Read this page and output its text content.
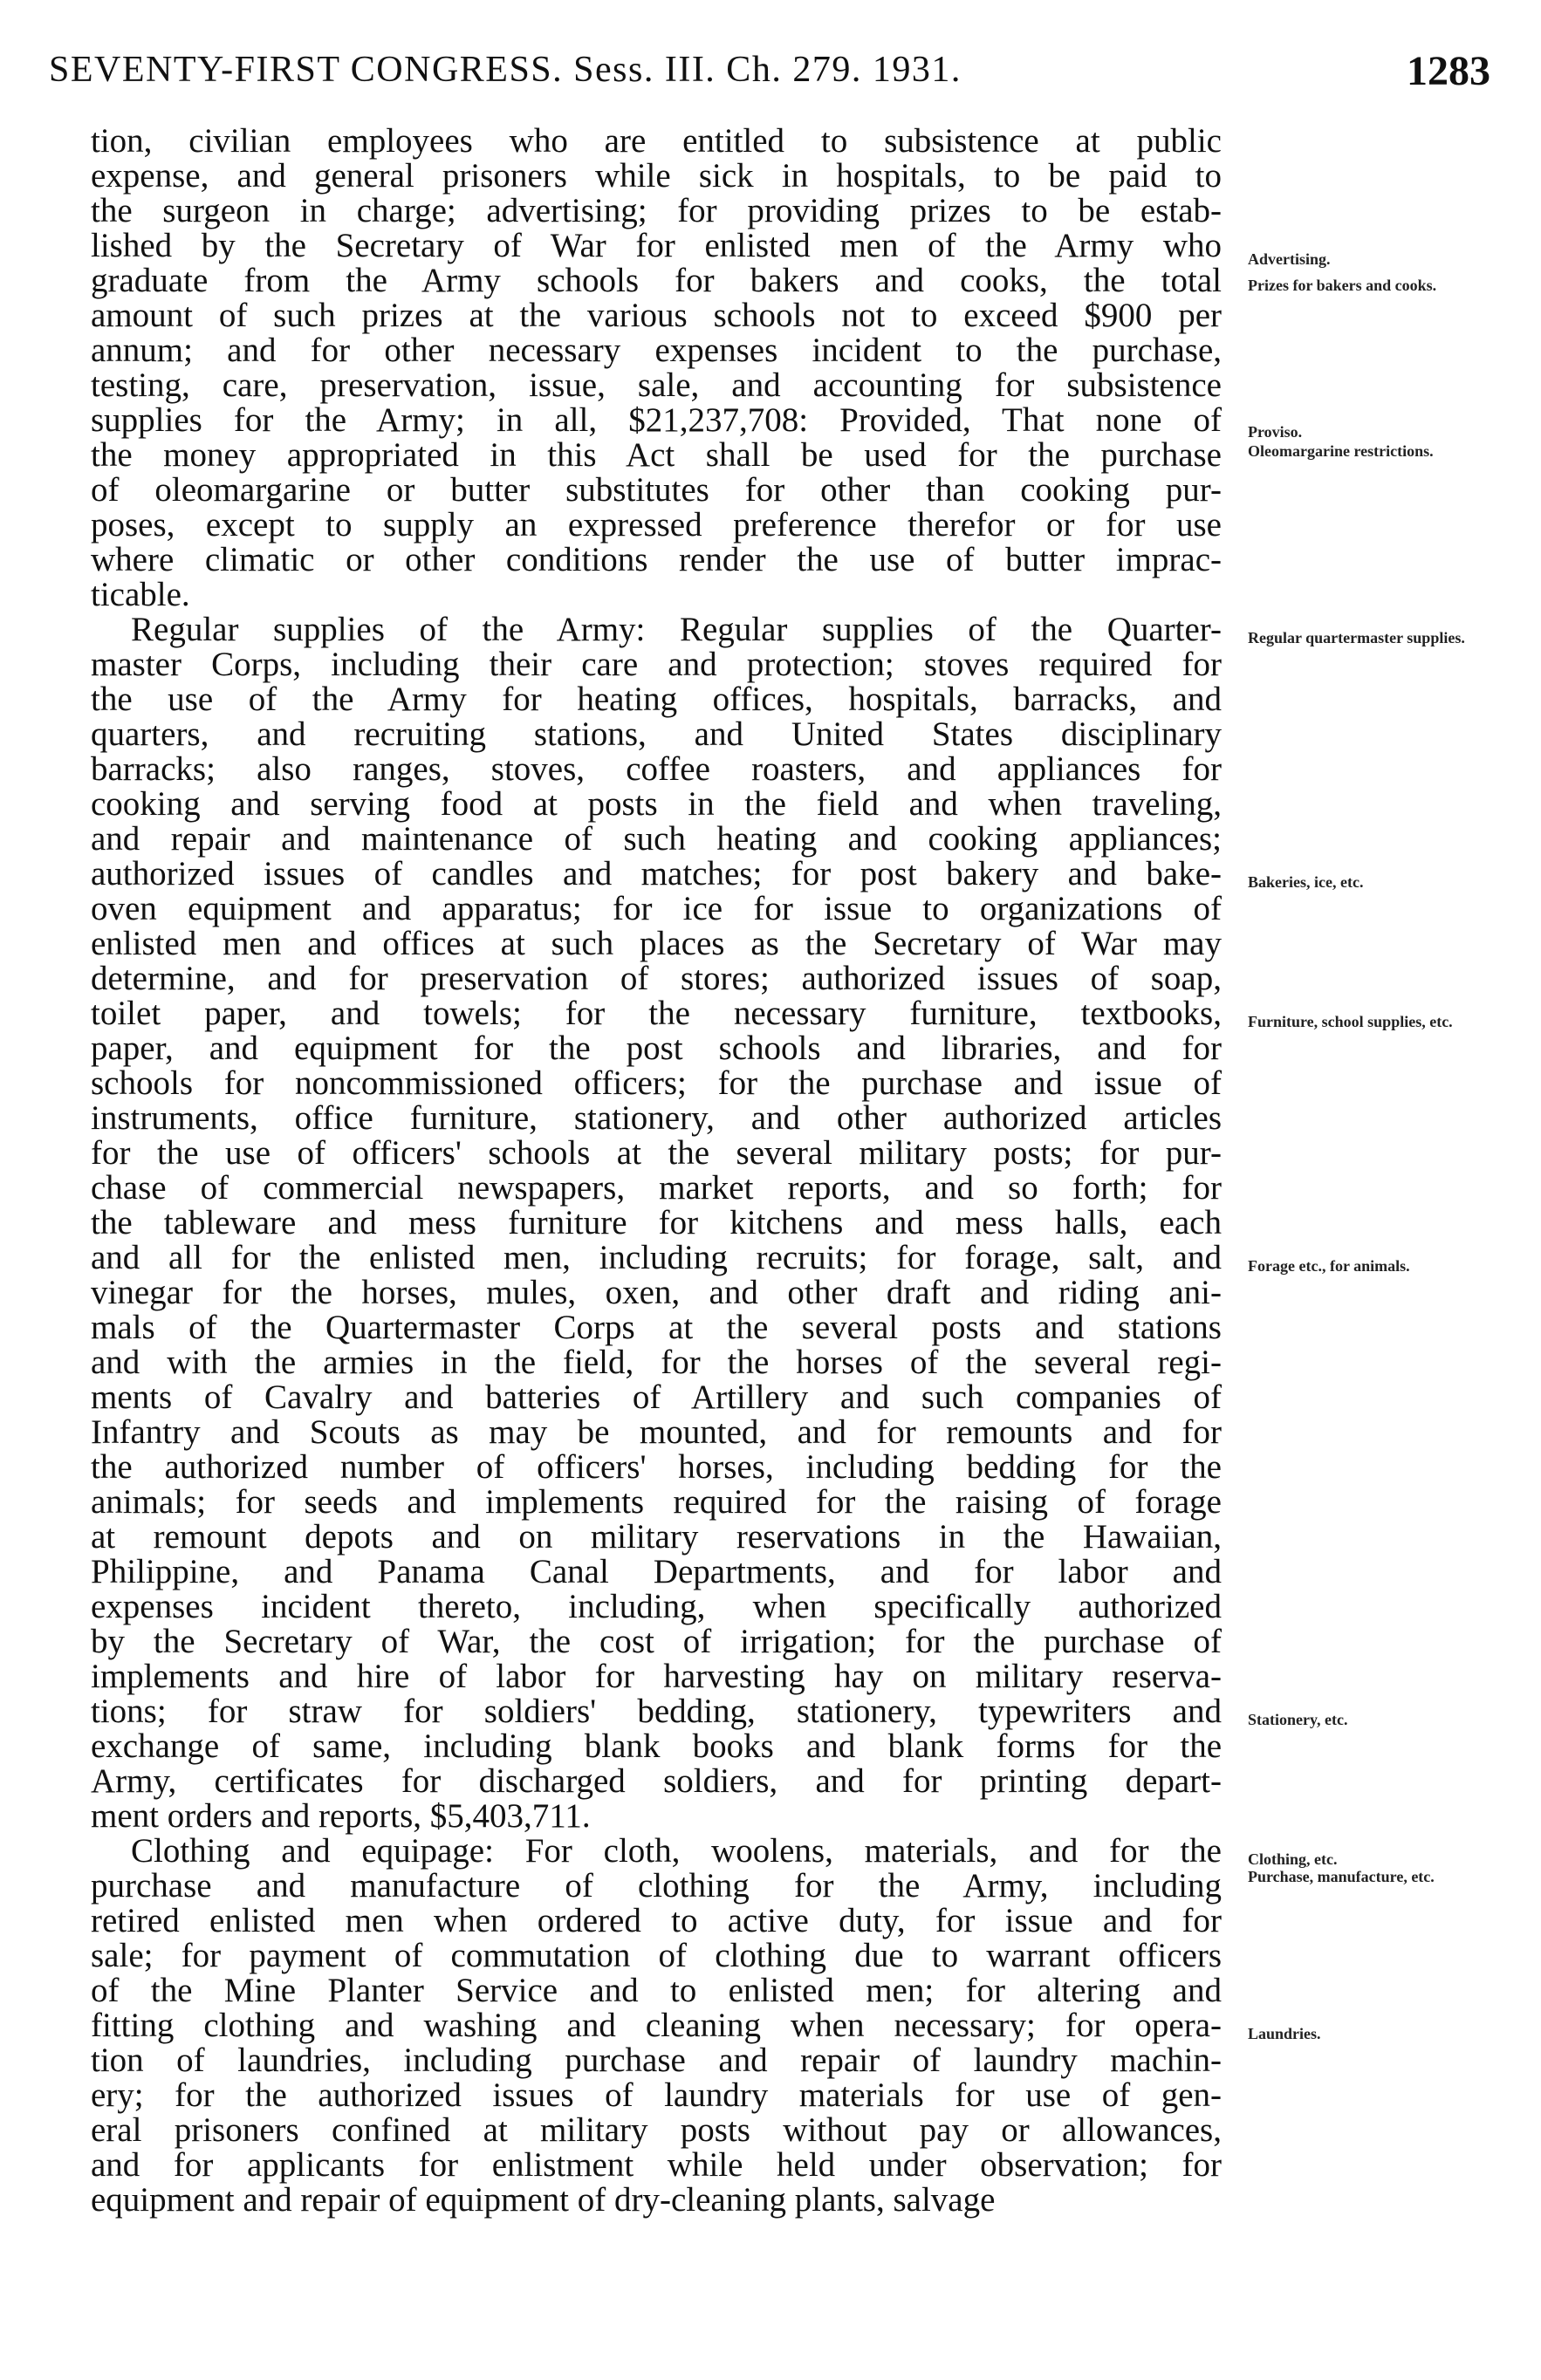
SEVENTY-FIRST CONGRESS. Sess. III. Ch. 279. 1931.	1283
tion, civilian employees who are entitled to subsistence at public
expense, and general prisoners while sick in hospitals, to be paid to
the surgeon in charge; advertising; for providing prizes to be estab-
lished by the Secretary of War for enlisted men of the Army who
graduate from the Army schools for bakers and cooks, the total
amount of such prizes at the various schools not to exceed $900 per
annum; and for other necessary expenses incident to the purchase,
testing, care, preservation, issue, sale, and accounting for subsistence
supplies for the Army; in all, $21,237,708: Provided, That none of
the money appropriated in this Act shall be used for the purchase
of oleomargarine or butter substitutes for other than cooking pur-
poses, except to supply an expressed preference therefor or for use
where climatic or other conditions render the use of butter imprac-
ticable.
Regular supplies of the Army: Regular supplies of the Quarter-
master Corps, including their care and protection; stoves required for
the use of the Army for heating offices, hospitals, barracks, and
quarters, and recruiting stations, and United States disciplinary
barracks; also ranges, stoves, coffee roasters, and appliances for
cooking and serving food at posts in the field and when traveling,
and repair and maintenance of such heating and cooking appliances;
authorized issues of candles and matches; for post bakery and bake-
oven equipment and apparatus; for ice for issue to organizations of
enlisted men and offices at such places as the Secretary of War may
determine, and for preservation of stores; authorized issues of soap,
toilet paper, and towels; for the necessary furniture, textbooks,
paper, and equipment for the post schools and libraries, and for
schools for noncommissioned officers; for the purchase and issue of
instruments, office furniture, stationery, and other authorized articles
for the use of officers' schools at the several military posts; for pur-
chase of commercial newspapers, market reports, and so forth; for
the tableware and mess furniture for kitchens and mess halls, each
and all for the enlisted men, including recruits; for forage, salt, and
vinegar for the horses, mules, oxen, and other draft and riding ani-
mals of the Quartermaster Corps at the several posts and stations
and with the armies in the field, for the horses of the several regi-
ments of Cavalry and batteries of Artillery and such companies of
Infantry and Scouts as may be mounted, and for remounts and for
the authorized number of officers' horses, including bedding for the
animals; for seeds and implements required for the raising of forage
at remount depots and on military reservations in the Hawaiian,
Philippine, and Panama Canal Departments, and for labor and
expenses incident thereto, including, when specifically authorized
by the Secretary of War, the cost of irrigation; for the purchase of
implements and hire of labor for harvesting hay on military reserva-
tions; for straw for soldiers' bedding, stationery, typewriters and
exchange of same, including blank books and blank forms for the
Army, certificates for discharged soldiers, and for printing depart-
ment orders and reports, $5,403,711.
Clothing and equipage: For cloth, woolens, materials, and for the
purchase and manufacture of clothing for the Army, including
retired enlisted men when ordered to active duty, for issue and for
sale; for payment of commutation of clothing due to warrant officers
of the Mine Planter Service and to enlisted men; for altering and
fitting clothing and washing and cleaning when necessary; for opera-
tion of laundries, including purchase and repair of laundry machin-
ery; for the authorized issues of laundry materials for use of gen-
eral prisoners confined at military posts without pay or allowances,
and for applicants for enlistment while held under observation; for
equipment and repair of equipment of dry-cleaning plants, salvage
Advertising.
Prizes for bakers and cooks.
Proviso.
Oleomargarine restrictions.
Regular quartermaster supplies.
Bakeries, ice, etc.
Furniture, school supplies, etc.
Forage etc., for animals.
Stationery, etc.
Clothing, etc.
Purchase, manufacture, etc.
Laundries.
